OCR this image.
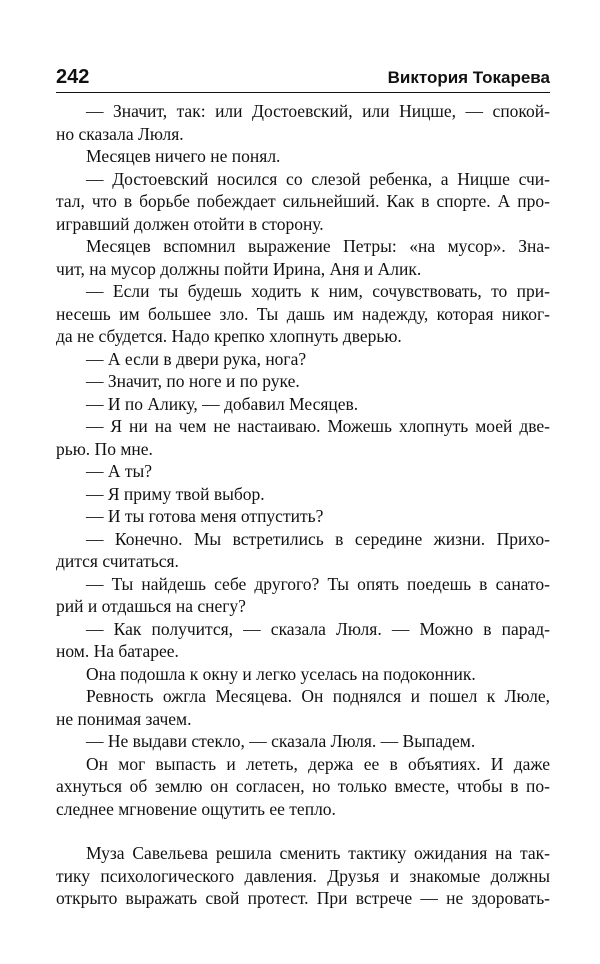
242	Виктория Токарева
— Значит, так: или Достоевский, или Ницше, — спокой-
но сказала Люля.
Месяцев ничего не понял.
— Достоевский носился со слезой ребенка, а Ницше счи-
тал, что в борьбе побеждает сильнейший. Как в спорте. А про-
игравший должен отойти в сторону.
Месяцев вспомнил выражение Петры: «на мусор». Зна-
чит, на мусор должны пойти Ирина, Аня и Алик.
— Если ты будешь ходить к ним, сочувствовать, то при-
несешь им большее зло. Ты дашь им надежду, которая никог-
да не сбудется. Надо крепко хлопнуть дверью.
— А если в двери рука, нога?
— Значит, по ноге и по руке.
— И по Алику, — добавил Месяцев.
— Я ни на чем не настаиваю. Можешь хлопнуть моей две-
рью. По мне.
— А ты?
— Я приму твой выбор.
— И ты готова меня отпустить?
— Конечно. Мы встретились в середине жизни. Прихо-
дится считаться.
— Ты найдешь себе другого? Ты опять поедешь в санато-
рий и отдашься на снегу?
— Как получится, — сказала Люля. — Можно в парад-
ном. На батарее.
Она подошла к окну и легко уселась на подоконник.
Ревность ожгла Месяцева. Он поднялся и пошел к Люле,
не понимая зачем.
— Не выдави стекло, — сказала Люля. — Выпадем.
Он мог выпасть и лететь, держа ее в объятиях. И даже
ахнуться об землю он согласен, но только вместе, чтобы в по-
следнее мгновение ощутить ее тепло.
Муза Савельева решила сменить тактику ожидания на так-
тику психологического давления. Друзья и знакомые должны
открыто выражать свой протест. При встрече — не здоровать-
